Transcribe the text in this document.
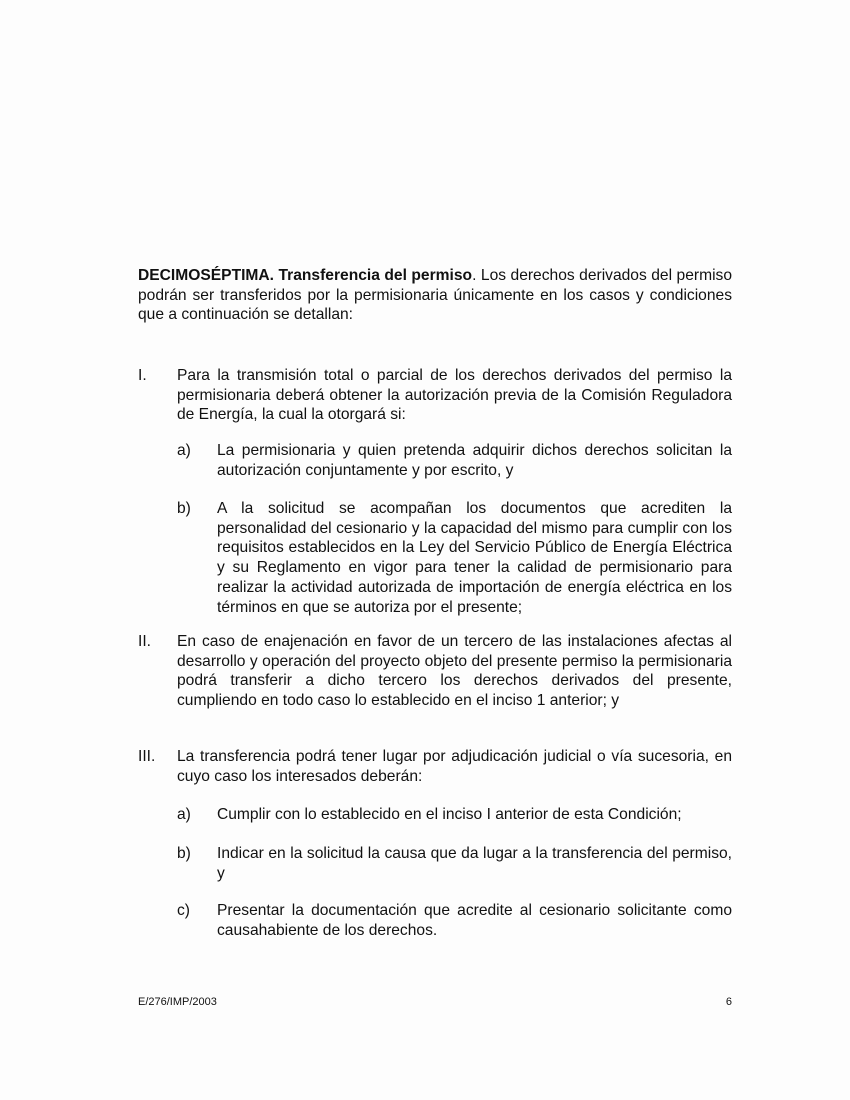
DECIMOSÉPTIMA. Transferencia del permiso. Los derechos derivados del permiso podrán ser transferidos por la permisionaria únicamente en los casos y condiciones que a continuación se detallan:
I. Para la transmisión total o parcial de los derechos derivados del permiso la permisionaria deberá obtener la autorización previa de la Comisión Reguladora de Energía, la cual la otorgará si:
a) La permisionaria y quien pretenda adquirir dichos derechos solicitan la autorización conjuntamente y por escrito, y
b) A la solicitud se acompañan los documentos que acrediten la personalidad del cesionario y la capacidad del mismo para cumplir con los requisitos establecidos en la Ley del Servicio Público de Energía Eléctrica y su Reglamento en vigor para tener la calidad de permisionario para realizar la actividad autorizada de importación de energía eléctrica en los términos en que se autoriza por el presente;
II. En caso de enajenación en favor de un tercero de las instalaciones afectas al desarrollo y operación del proyecto objeto del presente permiso la permisionaria podrá transferir a dicho tercero los derechos derivados del presente, cumpliendo en todo caso lo establecido en el inciso 1 anterior; y
III. La transferencia podrá tener lugar por adjudicación judicial o vía sucesoria, en cuyo caso los interesados deberán:
a) Cumplir con lo establecido en el inciso I anterior de esta Condición;
b) Indicar en la solicitud la causa que da lugar a la transferencia del permiso, y
c) Presentar la documentación que acredite al cesionario solicitante como causahabiente de los derechos.
E/276/IMP/2003	6
